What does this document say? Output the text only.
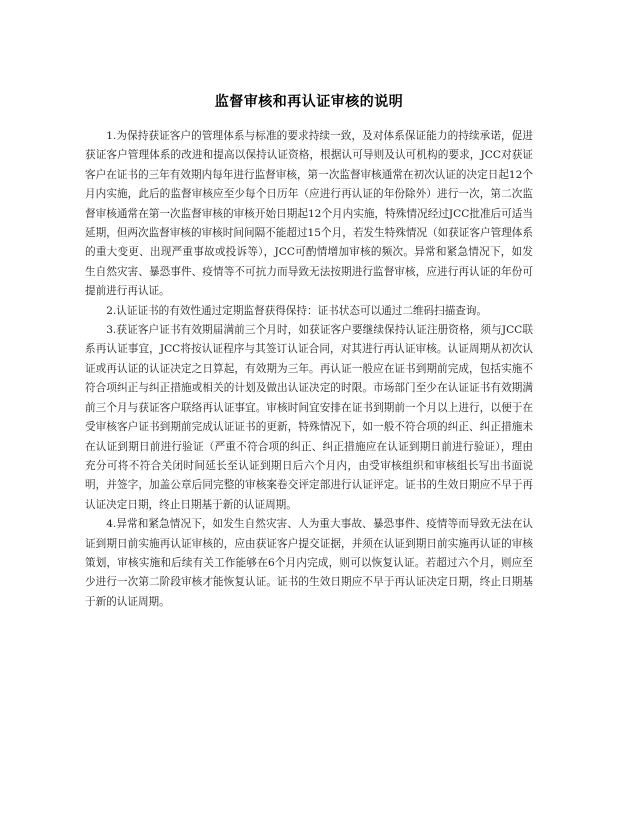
监督审核和再认证审核的说明

1.为保持获证客户的管理体系与标准的要求持续一致，及对体系保证能力的持续承诺，促进获证客户管理体系的改进和提高以保持认证资格，根据认可导则及认可机构的要求，JCC对获证客户在证书的三年有效期内每年进行监督审核，第一次监督审核通常在初次认证的决定日起12个月内实施，此后的监督审核应至少每个日历年（应进行再认证的年份除外）进行一次，第二次监督审核通常在第一次监督审核的审核开始日期起12个月内实施，特殊情况经过JCC批准后可适当延期，但两次监督审核的审核时间间隔不能超过15个月，若发生特殊情况（如获证客户管理体系的重大变更、出现严重事故或投诉等），JCC可酌情增加审核的频次。异常和紧急情况下，如发生自然灾害、暴恐事件、疫情等不可抗力而导致无法按期进行监督审核，应进行再认证的年份可提前进行再认证。

2.认证证书的有效性通过定期监督获得保持：证书状态可以通过二维码扫描查询。

3.获证客户证书有效期届满前三个月时，如获证客户要继续保持认证注册资格，须与JCC联系再认证事宜，JCC将按认证程序与其签订认证合同，对其进行再认证审核。认证周期从初次认证或再认证的认证决定之日算起，有效期为三年。再认证一般应在证书到期前完成，包括实施不符合项纠正与纠正措施或相关的计划及做出认证决定的时限。市场部门至少在认证证书有效期满前三个月与获证客户联络再认证事宜。审核时间宜安排在证书到期前一个月以上进行，以便于在受审核客户证书到期前完成认证证书的更新，特殊情况下，如一般不符合项的纠正、纠正措施未在认证到期日前进行验证（严重不符合项的纠正、纠正措施应在认证到期日前进行验证），理由充分可将不符合关闭时间延长至认证到期日后六个月内，由受审核组织和审核组长写出书面说明，并签字，加盖公章后同完整的审核案卷交评定部进行认证评定。证书的生效日期应不早于再认证决定日期，终止日期基于新的认证周期。

4.异常和紧急情况下，如发生自然灾害、人为重大事故、暴恐事件、疫情等而导致无法在认证到期日前实施再认证审核的，应由获证客户提交证据，并须在认证到期日前实施再认证的审核策划，审核实施和后续有关工作能够在6个月内完成，则可以恢复认证。若超过六个月，则应至少进行一次第二阶段审核才能恢复认证。证书的生效日期应不早于再认证决定日期，终止日期基于新的认证周期。
